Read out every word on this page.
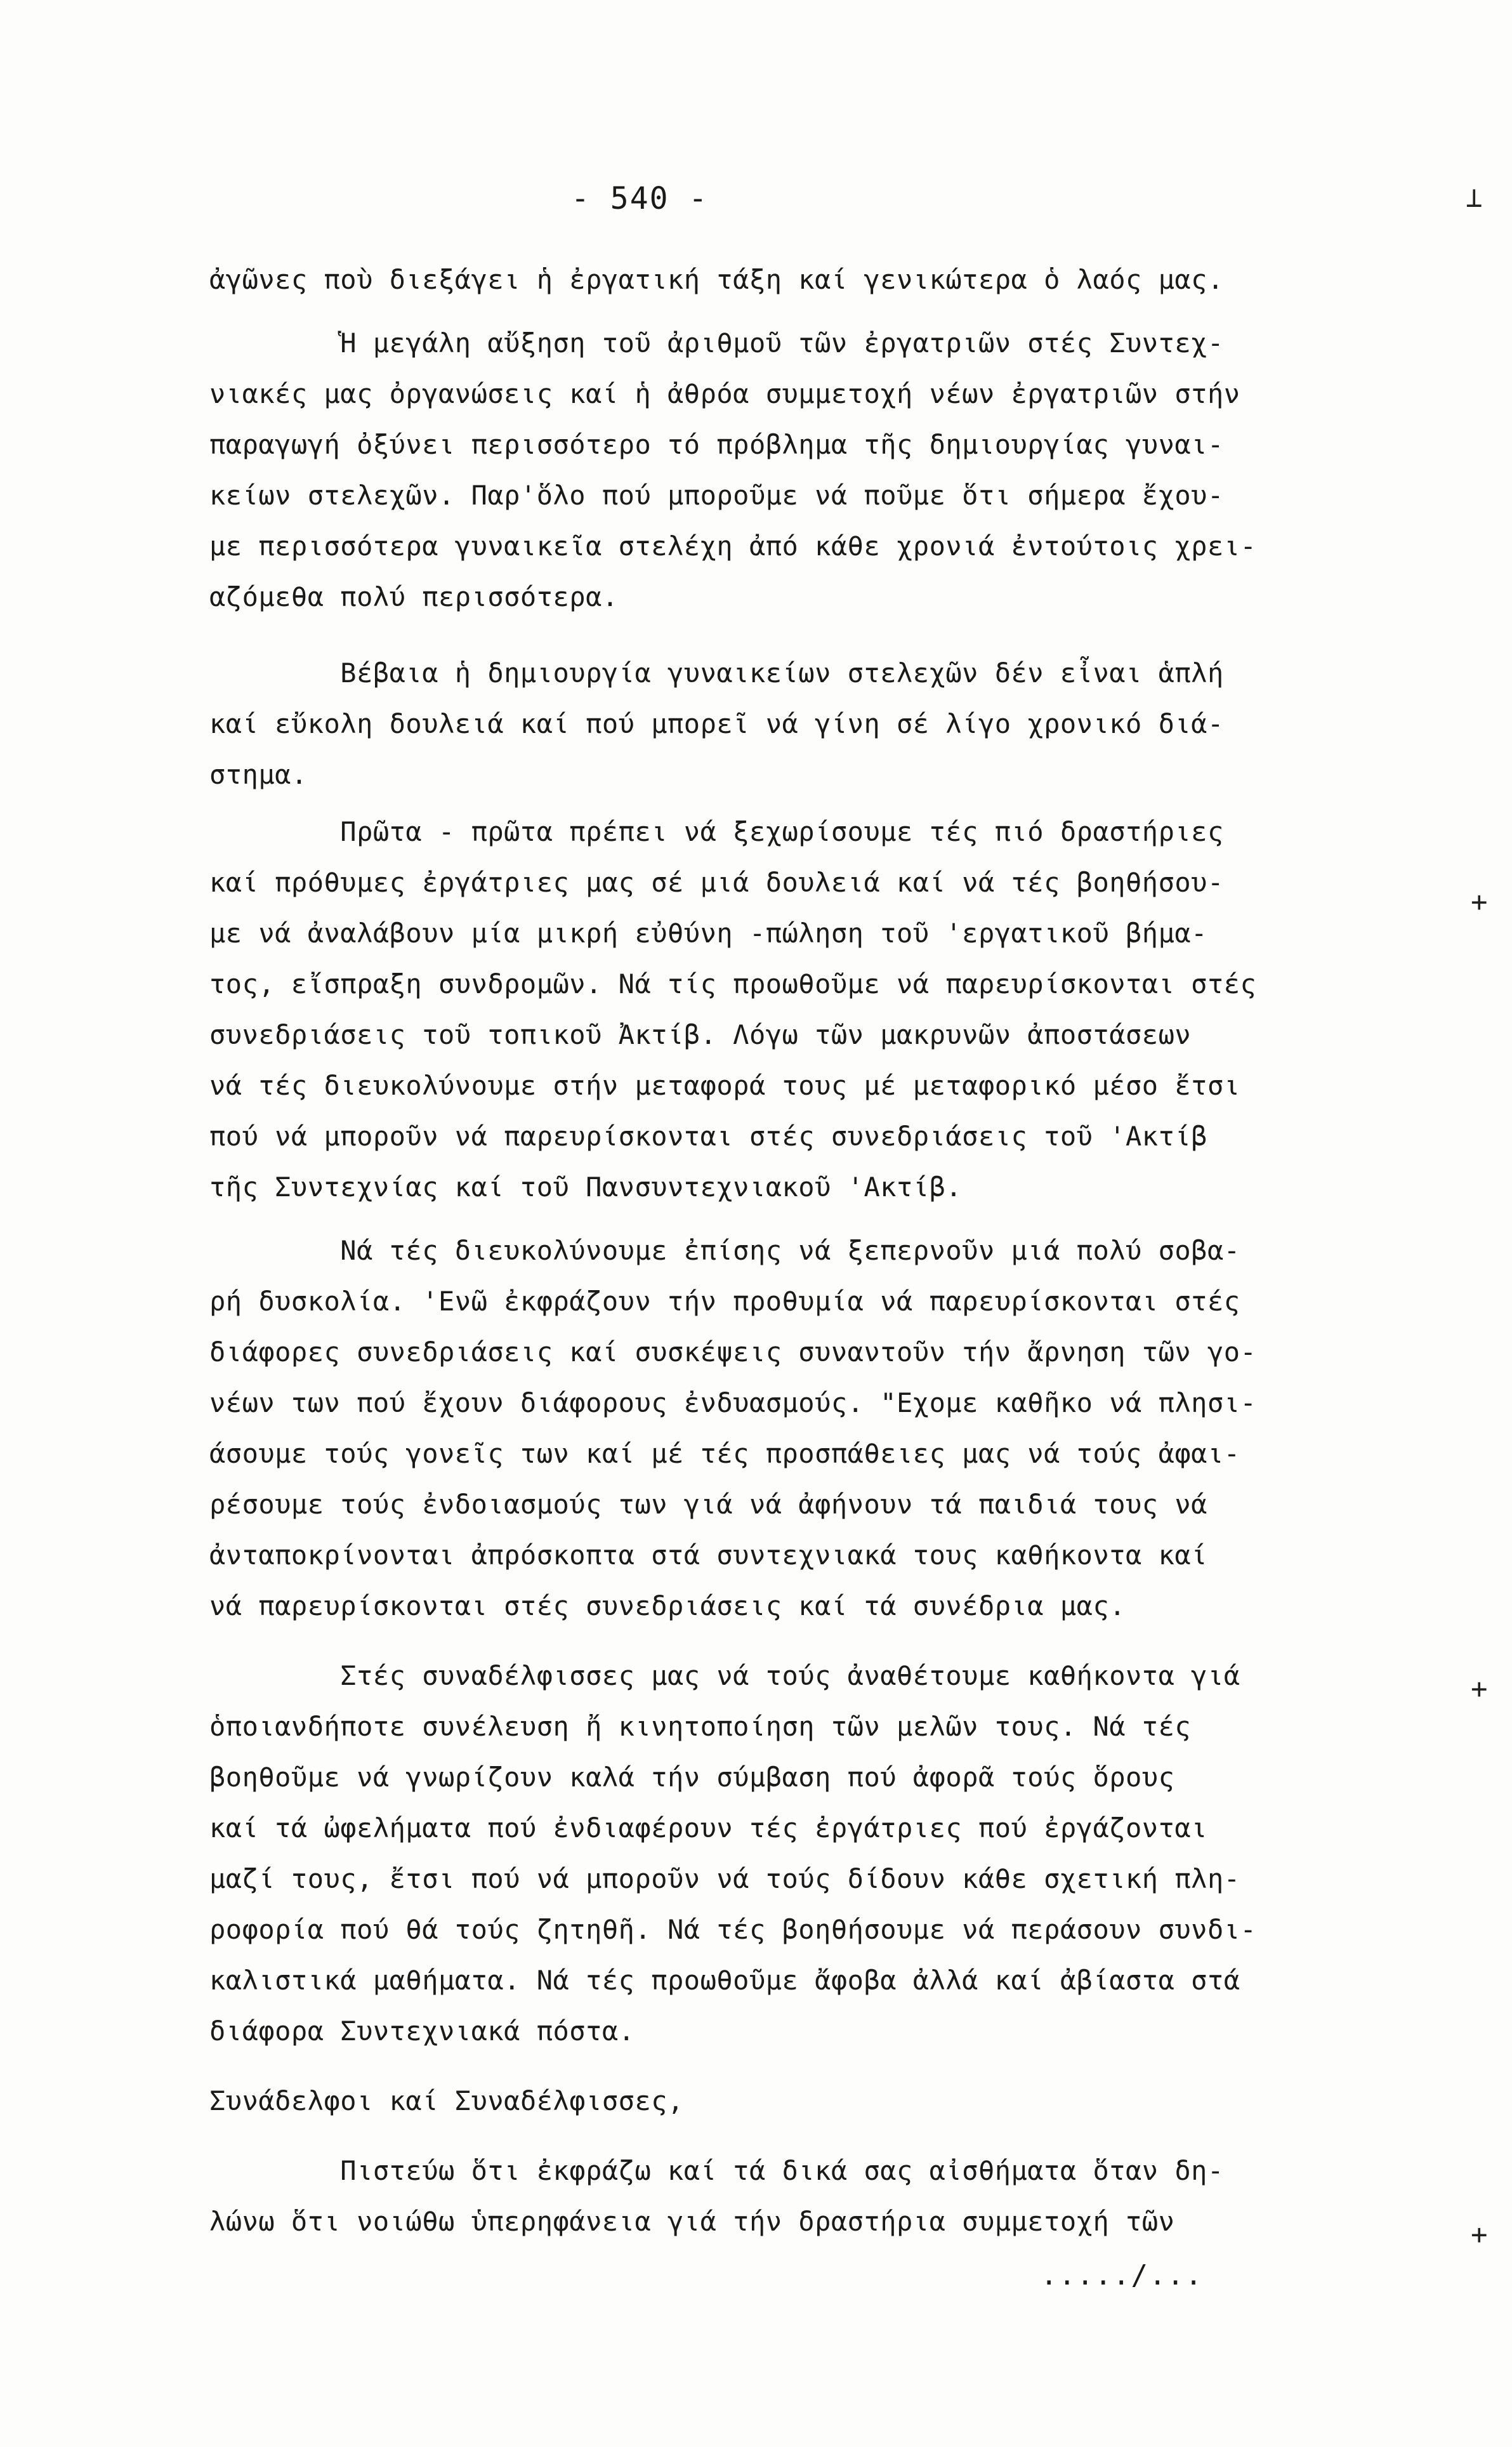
- 540 -	⊥
+
+
+
ἀγῶνες ποὺ διεξάγει ἡ ἐργατική τάξη καί γενικώτερα ὁ λαός μας.
Ἡ μεγάλη αὔξηση τοῦ ἀριθμοῦ τῶν ἐργατριῶν στές Συντεχ-
νιακές μας ὀργανώσεις καί ἡ ἀθρόα συμμετοχή νέων ἐργατριῶν στήν
παραγωγή ὀξύνει περισσότερο τό πρόβλημα τῆς δημιουργίας γυναι-
κείων στελεχῶν. Παρ'ὅλο πού μποροῦμε νά ποῦμε ὅτι σήμερα ἔχου-
με περισσότερα γυναικεῖα στελέχη ἀπό κάθε χρονιά ἐντούτοις χρει-
αζόμεθα πολύ περισσότερα.
Βέβαια ἡ δημιουργία γυναικείων στελεχῶν δέν εἶναι ἁπλή
καί εὔκολη δουλειά καί πού μπορεῖ νά γίνη σέ λίγο χρονικό διά-
στημα.
Πρῶτα - πρῶτα πρέπει νά ξεχωρίσουμε τές πιό δραστήριες
καί πρόθυμες ἐργάτριες μας σέ μιά δουλειά καί νά τές βοηθήσου-
με νά ἀναλάβουν μία μικρή εὐθύνη -πώληση τοῦ 'εργατικοῦ βήμα-
τος, εἴσπραξη συνδρομῶν. Νά τίς προωθοῦμε νά παρευρίσκονται στές
συνεδριάσεις τοῦ τοπικοῦ Ἀκτίβ. Λόγω τῶν μακρυνῶν ἀποστάσεων
νά τές διευκολύνουμε στήν μεταφορά τους μέ μεταφορικό μέσο ἔτσι
πού νά μποροῦν νά παρευρίσκονται στές συνεδριάσεις τοῦ 'Ακτίβ
τῆς Συντεχνίας καί τοῦ Πανσυντεχνιακοῦ 'Ακτίβ.
Νά τές διευκολύνουμε ἐπίσης νά ξεπερνοῦν μιά πολύ σοβα-
ρή δυσκολία. 'Ενῶ ἐκφράζουν τήν προθυμία νά παρευρίσκονται στές
διάφορες συνεδριάσεις καί συσκέψεις συναντοῦν τήν ἄρνηση τῶν γο-
νέων των πού ἔχουν διάφορους ἐνδυασμούς. "Εχομε καθῆκο νά πλησι-
άσουμε τούς γονεῖς των καί μέ τές προσπάθειες μας νά τούς ἀφαι-
ρέσουμε τούς ἐνδοιασμούς των γιά νά ἀφήνουν τά παιδιά τους νά
ἀνταποκρίνονται ἀπρόσκοπτα στά συντεχνιακά τους καθήκοντα καί
νά παρευρίσκονται στές συνεδριάσεις καί τά συνέδρια μας.
Στές συναδέλφισσες μας νά τούς ἀναθέτουμε καθήκοντα γιά
ὁποιανδήποτε συνέλευση ἤ κινητοποίηση τῶν μελῶν τους. Νά τές
βοηθοῦμε νά γνωρίζουν καλά τήν σύμβαση πού ἀφορᾶ τούς ὅρους
καί τά ὠφελήματα πού ἐνδιαφέρουν τές ἐργάτριες πού ἐργάζονται
μαζί τους, ἔτσι πού νά μποροῦν νά τούς δίδουν κάθε σχετική πλη-
ροφορία πού θά τούς ζητηθῆ. Νά τές βοηθήσουμε νά περάσουν συνδι-
καλιστικά μαθήματα. Νά τές προωθοῦμε ἄφοβα ἀλλά καί ἀβίαστα στά
διάφορα Συντεχνιακά πόστα.
Συνάδελφοι καί Συναδέλφισσες,
Πιστεύω ὅτι ἐκφράζω καί τά δικά σας αἰσθήματα ὅταν δη-
λώνω ὅτι νοιώθω ὑπερηφάνεια γιά τήν δραστήρια συμμετοχή τῶν
...../...
